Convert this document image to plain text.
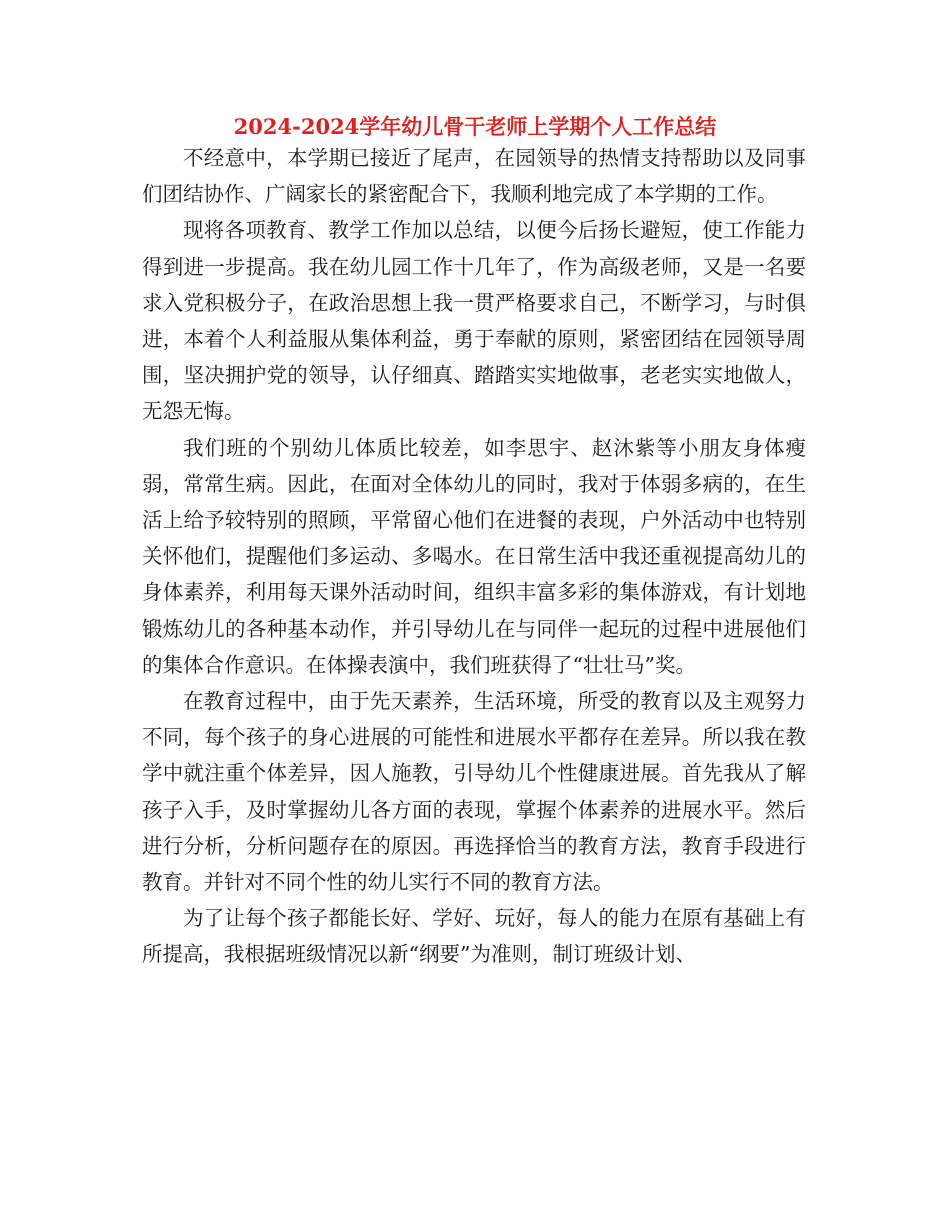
2024-2024学年幼儿骨干老师上学期个人工作总结

不经意中，本学期已接近了尾声，在园领导的热情支持帮助以及同事们团结协作、广阔家长的紧密配合下，我顺利地完成了本学期的工作。

现将各项教育、教学工作加以总结，以便今后扬长避短，使工作能力得到进一步提高。我在幼儿园工作十几年了，作为高级老师，又是一名要求入党积极分子，在政治思想上我一贯严格要求自己，不断学习，与时俱进，本着个人利益服从集体利益，勇于奉献的原则，紧密团结在园领导周围，坚决拥护党的领导，认仔细真、踏踏实实地做事，老老实实地做人，无怨无悔。

我们班的个别幼儿体质比较差，如李思宇、赵沐紫等小朋友身体瘦弱，常常生病。因此，在面对全体幼儿的同时，我对于体弱多病的，在生活上给予较特别的照顾，平常留心他们在进餐的表现，户外活动中也特别关怀他们，提醒他们多运动、多喝水。在日常生活中我还重视提高幼儿的身体素养，利用每天课外活动时间，组织丰富多彩的集体游戏，有计划地锻炼幼儿的各种基本动作，并引导幼儿在与同伴一起玩的过程中进展他们的集体合作意识。在体操表演中，我们班获得了“壮壮马”奖。

在教育过程中，由于先天素养，生活环境，所受的教育以及主观努力不同，每个孩子的身心进展的可能性和进展水平都存在差异。所以我在教学中就注重个体差异，因人施教，引导幼儿个性健康进展。首先我从了解孩子入手，及时掌握幼儿各方面的表现，掌握个体素养的进展水平。然后进行分析，分析问题存在的原因。再选择恰当的教育方法，教育手段进行教育。并针对不同个性的幼儿实行不同的教育方法。

为了让每个孩子都能长好、学好、玩好，每人的能力在原有基础上有所提高，我根据班级情况以新“纲要”为准则，制订班级计划、
